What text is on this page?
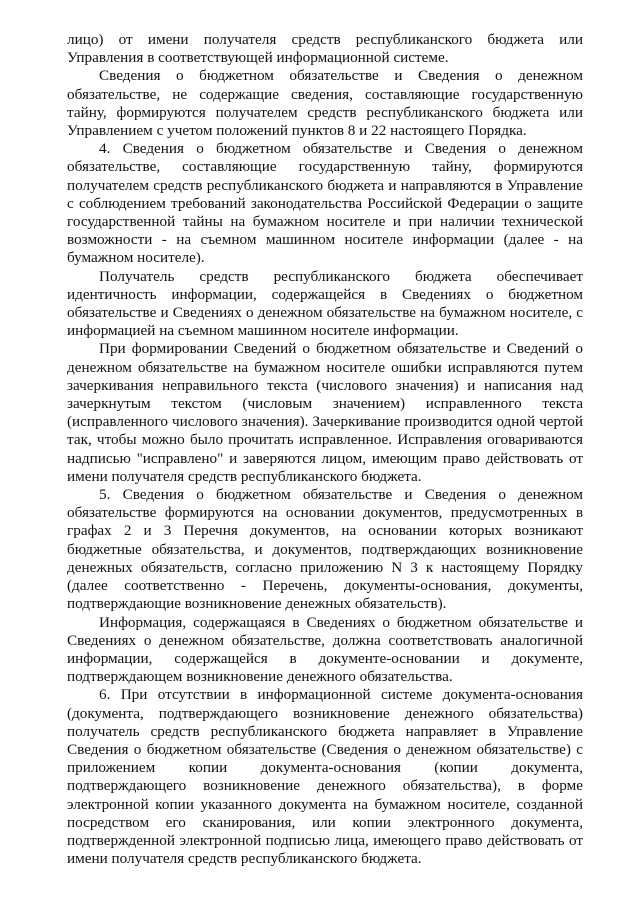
лицо) от имени получателя средств республиканского бюджета или Управления в соответствующей информационной системе.

Сведения о бюджетном обязательстве и Сведения о денежном обязательстве, не содержащие сведения, составляющие государственную тайну, формируются получателем средств республиканского бюджета или Управлением с учетом положений пунктов 8 и 22 настоящего Порядка.

4. Сведения о бюджетном обязательстве и Сведения о денежном обязательстве, составляющие государственную тайну, формируются получателем средств республиканского бюджета и направляются в Управление с соблюдением требований законодательства Российской Федерации о защите государственной тайны на бумажном носителе и при наличии технической возможности - на съемном машинном носителе информации (далее - на бумажном носителе).

Получатель средств республиканского бюджета обеспечивает идентичность информации, содержащейся в Сведениях о бюджетном обязательстве и Сведениях о денежном обязательстве на бумажном носителе, с информацией на съемном машинном носителе информации.

При формировании Сведений о бюджетном обязательстве и Сведений о денежном обязательстве на бумажном носителе ошибки исправляются путем зачеркивания неправильного текста (числового значения) и написания над зачеркнутым текстом (числовым значением) исправленного текста (исправленного числового значения). Зачеркивание производится одной чертой так, чтобы можно было прочитать исправленное. Исправления оговариваются надписью "исправлено" и заверяются лицом, имеющим право действовать от имени получателя средств республиканского бюджета.

5. Сведения о бюджетном обязательстве и Сведения о денежном обязательстве формируются на основании документов, предусмотренных в графах 2 и 3 Перечня документов, на основании которых возникают бюджетные обязательства, и документов, подтверждающих возникновение денежных обязательств, согласно приложению N 3 к настоящему Порядку (далее соответственно - Перечень, документы-основания, документы, подтверждающие возникновение денежных обязательств).

Информация, содержащаяся в Сведениях о бюджетном обязательстве и Сведениях о денежном обязательстве, должна соответствовать аналогичной информации, содержащейся в документе-основании и документе, подтверждающем возникновение денежного обязательства.

6. При отсутствии в информационной системе документа-основания (документа, подтверждающего возникновение денежного обязательства) получатель средств республиканского бюджета направляет в Управление Сведения о бюджетном обязательстве (Сведения о денежном обязательстве) с приложением копии документа-основания (копии документа, подтверждающего возникновение денежного обязательства), в форме электронной копии указанного документа на бумажном носителе, созданной посредством его сканирования, или копии электронного документа, подтвержденной электронной подписью лица, имеющего право действовать от имени получателя средств республиканского бюджета.
